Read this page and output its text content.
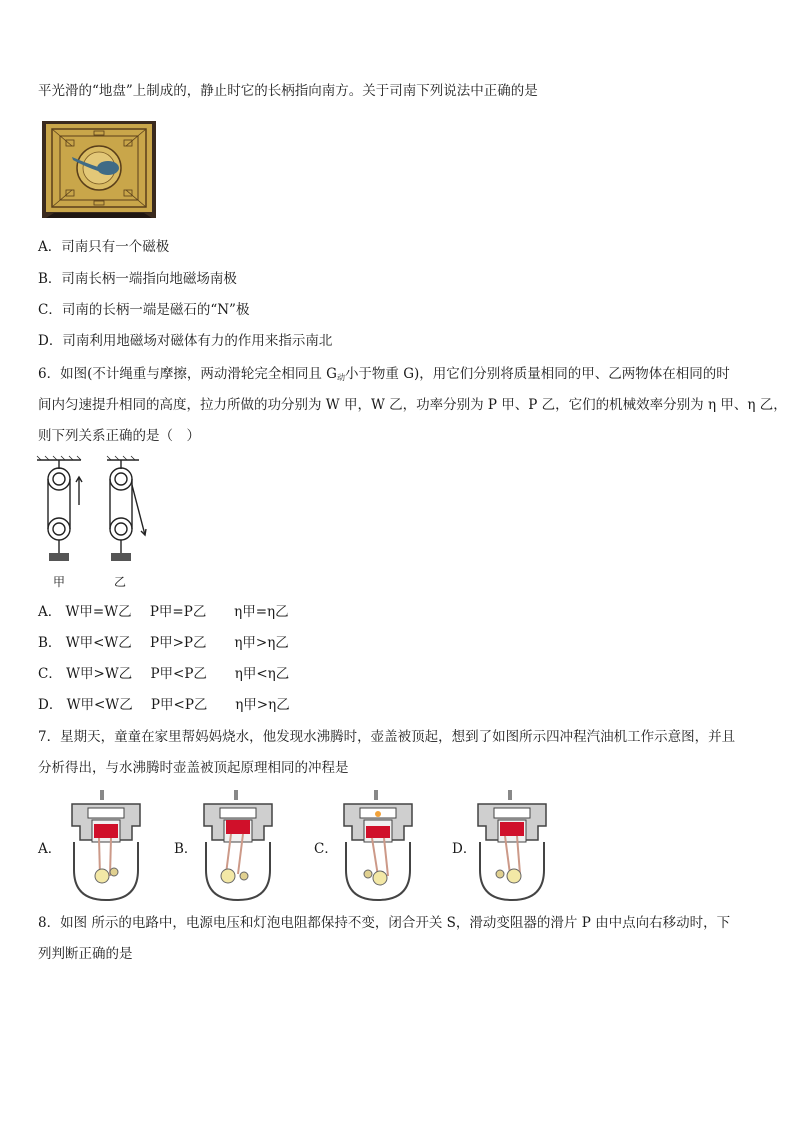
平光滑的“地盘”上制成的，静止时它的长柄指向南方。关于司南下列说法中正确的是
A．司南只有一个磁极
B．司南长柄一端指向地磁场南极
C．司南的长柄一端是磁石的“N”极
D．司南利用地磁场对磁体有力的作用来指示南北
6．如图(不计绳重与摩擦，两动滑轮完全相同且 $G_动$小于物重 G)，用它们分别将质量相同的甲、乙两物体在相同的时
间内匀速提升相同的高度，拉力所做的功分别为 W 甲，W 乙，功率分别为 P 甲、P 乙，它们的机械效率分别为 η 甲、η 乙，
则下列关系正确的是（　）
甲	乙
A． W甲=W乙 P甲=P乙 η甲=η乙
B． W甲<W乙 P甲>P乙 η甲>η乙
C． W甲>W乙 P甲<P乙 η甲<η乙
D． W甲<W乙 P甲<P乙 η甲>η乙
7．星期天，童童在家里帮妈妈烧水，他发现水沸腾时，壶盖被顶起，想到了如图所示四冲程汽油机工作示意图，并且
分析得出，与水沸腾时壶盖被顶起原理相同的冲程是
A．	B．	C．	D．
8．如图 所示的电路中，电源电压和灯泡电阻都保持不变，闭合开关 S，滑动变阻器的滑片 P 由中点向右移动时，下
列判断正确的是
